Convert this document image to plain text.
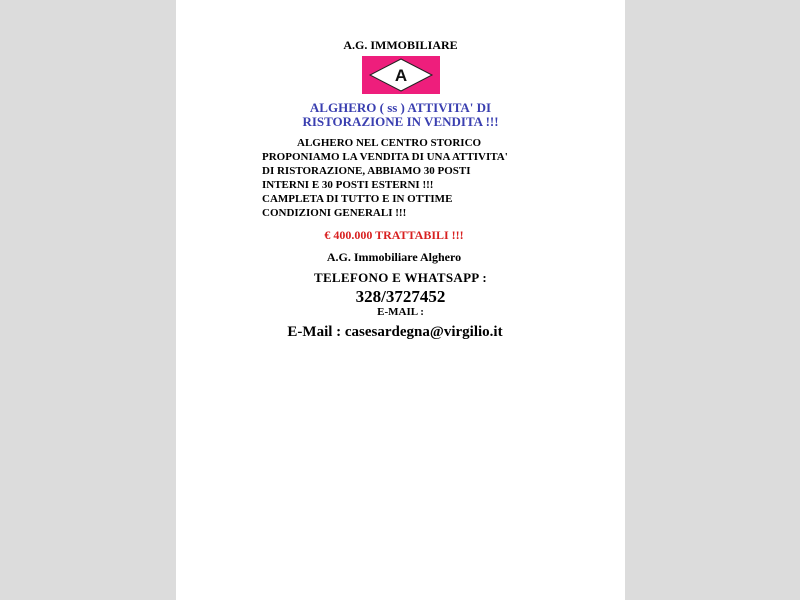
A.G. IMMOBILIARE
A
ALGHERO ( ss ) ATTIVITA' DI
RISTORAZIONE IN VENDITA !!!
ALGHERO NEL CENTRO STORICO
PROPONIAMO LA VENDITA DI UNA ATTIVITA'
DI RISTORAZIONE, ABBIAMO 30 POSTI
INTERNI E 30 POSTI ESTERNI !!!
CAMPLETA DI TUTTO E IN OTTIME
CONDIZIONI GENERALI !!!
€ 400.000 TRATTABILI !!!
A.G. Immobiliare Alghero
TELEFONO E WHATSAPP :
328/3727452
E-MAIL :
E-Mail : casesardegna@virgilio.it
